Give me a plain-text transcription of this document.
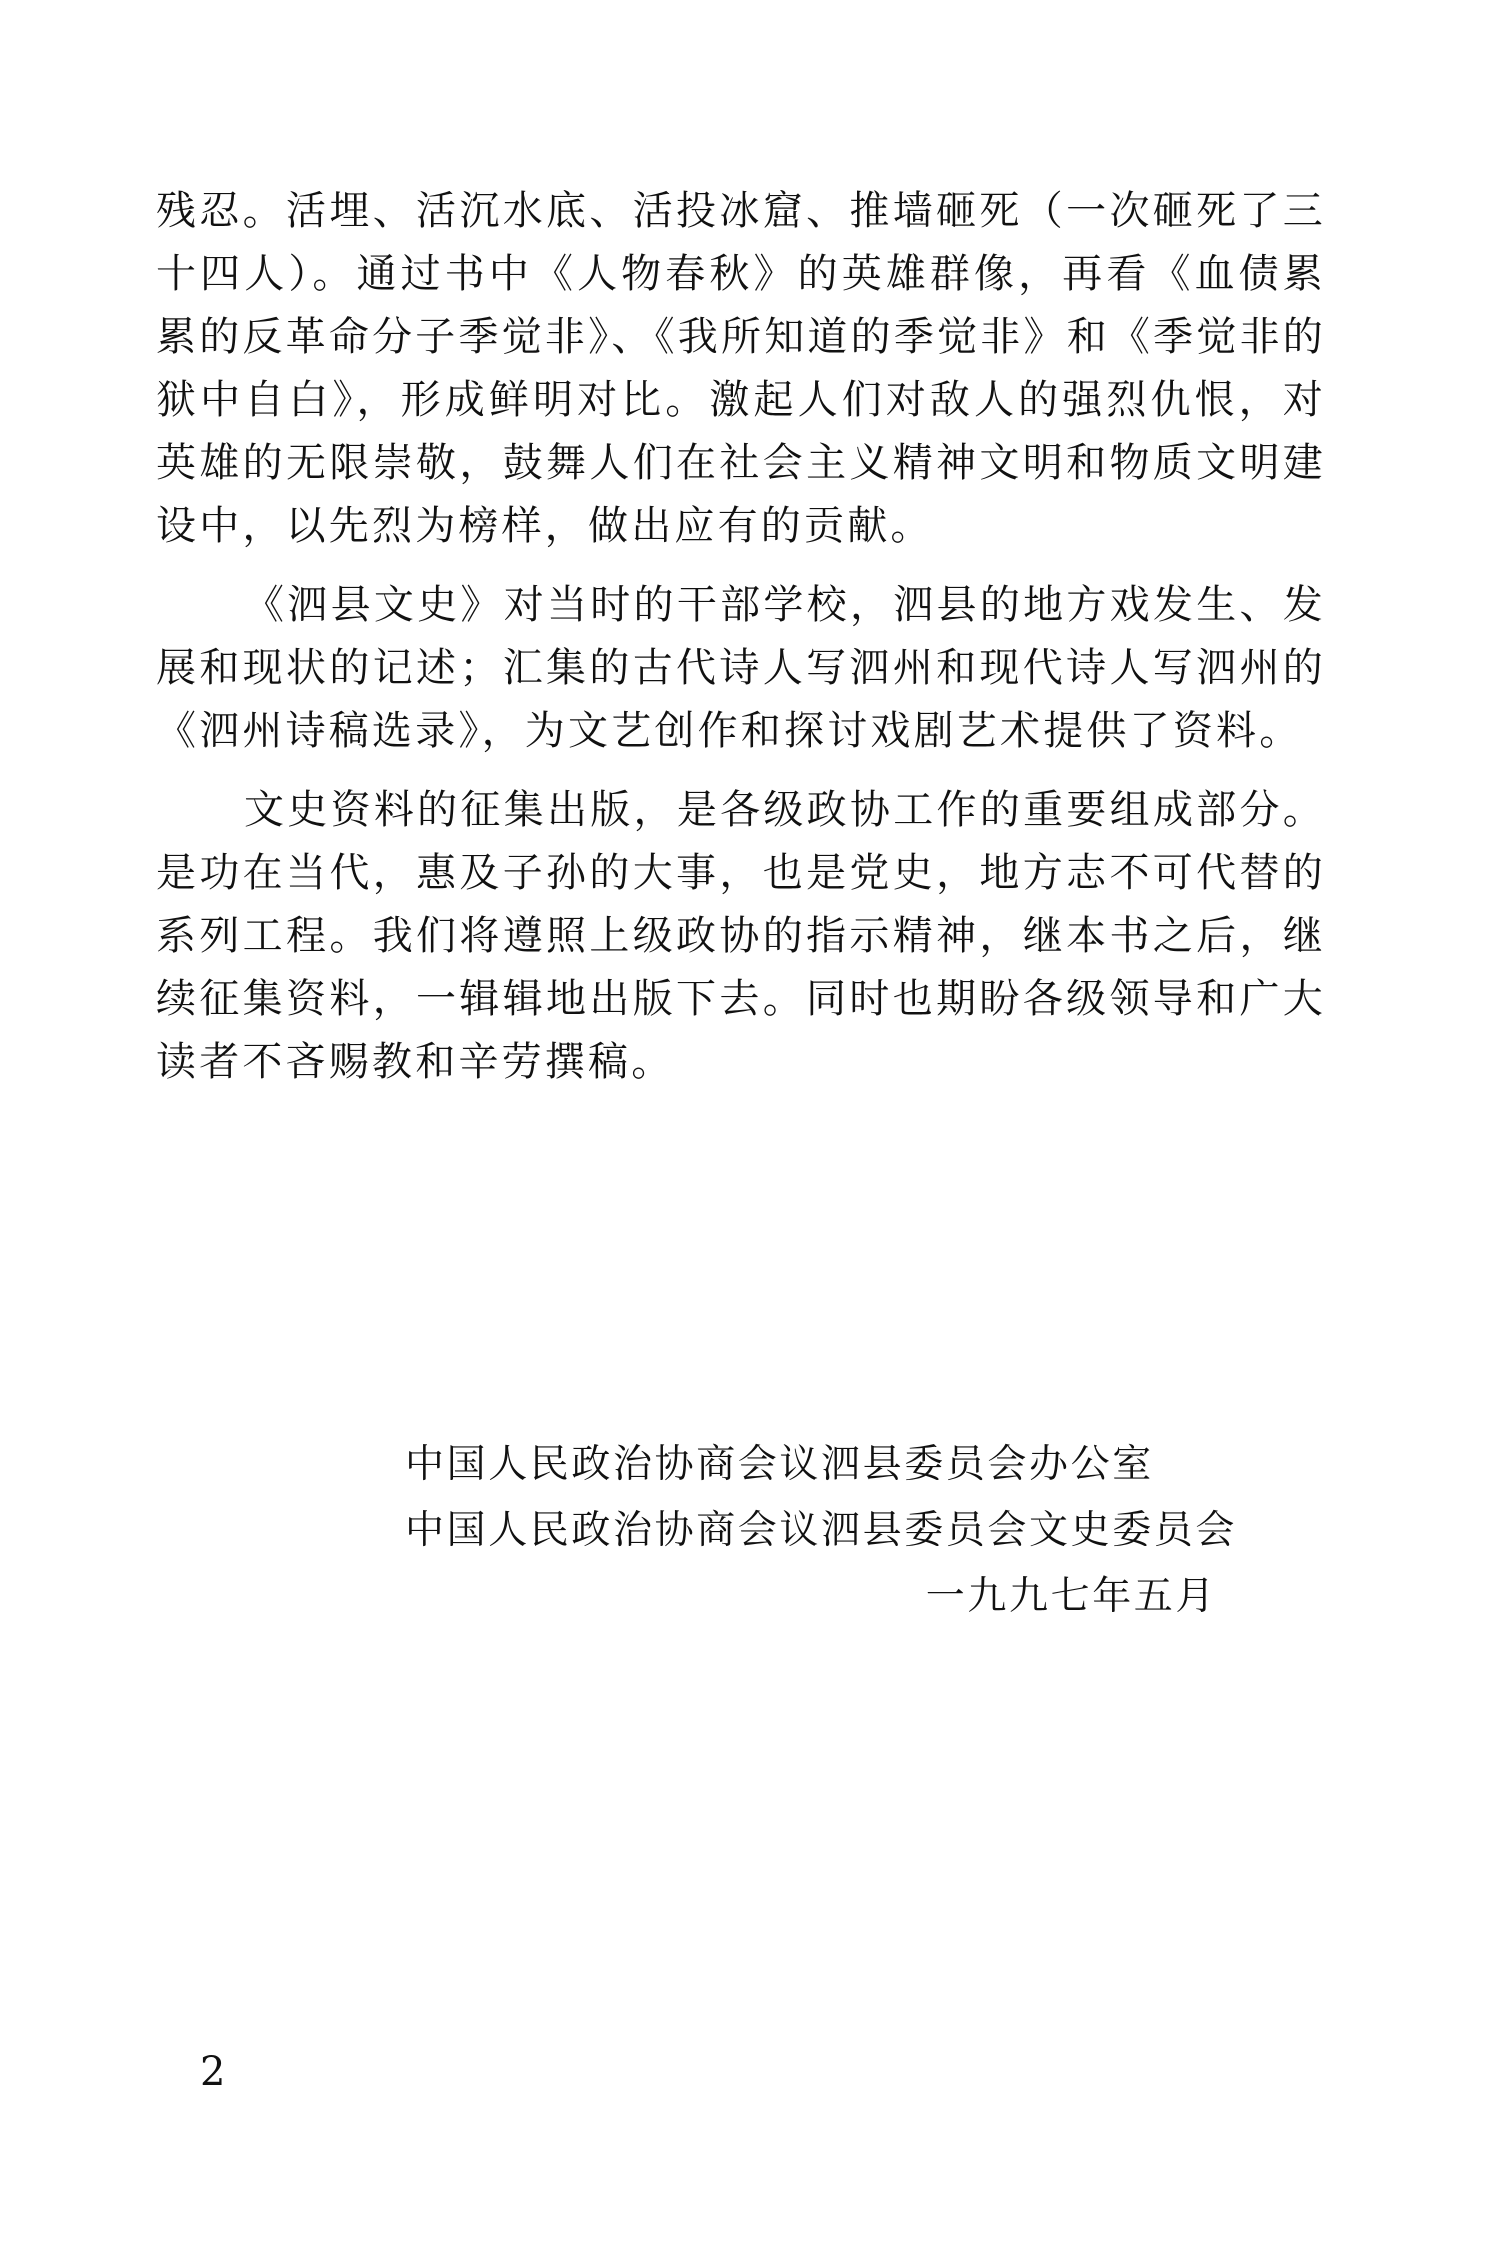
残忍。活埋、活沉水底、活投冰窟、推墙砸死（一次砸死了三十四人）。通过书中《人物春秋》的英雄群像，再看《血债累累的反革命分子季觉非》、《我所知道的季觉非》和《季觉非的狱中自白》，形成鲜明对比。激起人们对敌人的强烈仇恨，对英雄的无限崇敬，鼓舞人们在社会主义精神文明和物质文明建设中，以先烈为榜样，做出应有的贡献。

《泗县文史》对当时的干部学校，泗县的地方戏发生、发展和现状的记述；汇集的古代诗人写泗州和现代诗人写泗州的《泗州诗稿选录》，为文艺创作和探讨戏剧艺术提供了资料。

文史资料的征集出版，是各级政协工作的重要组成部分。是功在当代，惠及子孙的大事，也是党史，地方志不可代替的系列工程。我们将遵照上级政协的指示精神，继本书之后，继续征集资料，一辑辑地出版下去。同时也期盼各级领导和广大读者不吝赐教和辛劳撰稿。

中国人民政治协商会议泗县委员会办公室
中国人民政治协商会议泗县委员会文史委员会
一九九七年五月
2
